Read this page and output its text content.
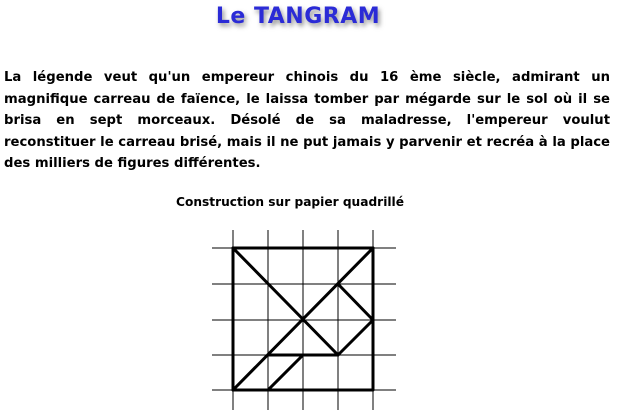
Le TANGRAM

La légende veut qu'un empereur chinois du 16 ème siècle, admirant un magnifique carreau de faïence, le laissa tomber par mégarde sur le sol où il se brisa en sept morceaux. Désolé de sa maladresse, l'empereur voulut reconstituer le carreau brisé, mais il ne put jamais y parvenir et recréa à la place des milliers de figures différentes.

Construction sur papier quadrillé
